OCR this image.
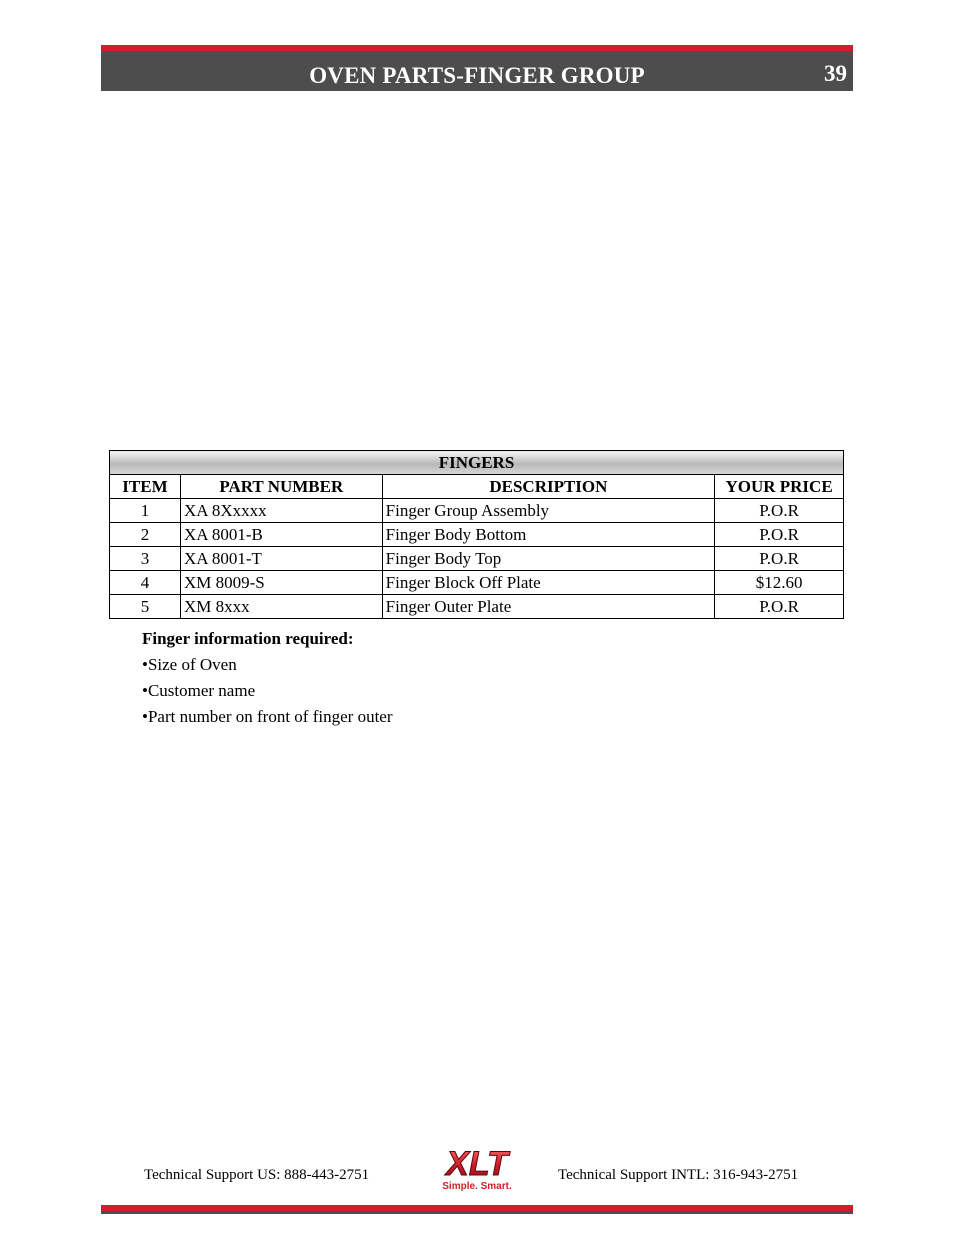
OVEN PARTS-FINGER GROUP	39
FINGERS			
ITEM	PART NUMBER	DESCRIPTION	YOUR PRICE
1	XA 8Xxxxx	Finger Group Assembly	P.O.R
2	XA 8001-B	Finger Body Bottom	P.O.R
3	XA 8001-T	Finger Body Top	P.O.R
4	XM 8009-S	Finger Block Off Plate	$12.60
5	XM 8xxx	Finger Outer Plate	P.O.R
Finger information required:
•Size of Oven
•Customer name
•Part number on front of finger outer
Technical Support US: 888-443-2751 XLT
Simple. Smart.
Technical Support INTL: 316-943-2751
